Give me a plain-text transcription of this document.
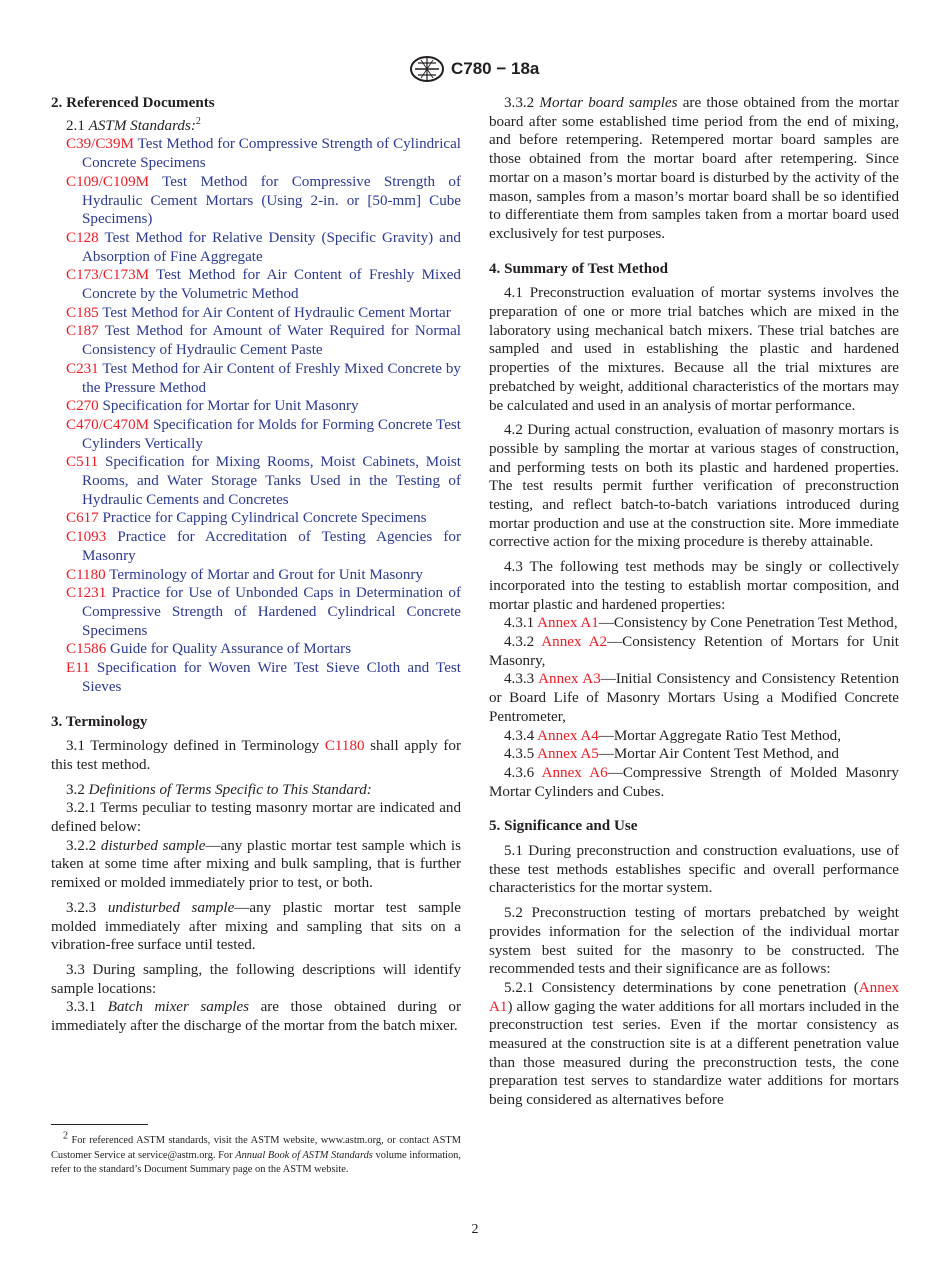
C780 − 18a
2. Referenced Documents

2.1 ASTM Standards:$^2$

C39/C39M Test Method for Compressive Strength of Cylindrical Concrete Specimens

C109/C109M Test Method for Compressive Strength of Hydraulic Cement Mortars (Using 2-in. or [50-mm] Cube Specimens)

C128 Test Method for Relative Density (Specific Gravity) and Absorption of Fine Aggregate

C173/C173M Test Method for Air Content of Freshly Mixed Concrete by the Volumetric Method

C185 Test Method for Air Content of Hydraulic Cement Mortar

C187 Test Method for Amount of Water Required for Normal Consistency of Hydraulic Cement Paste

C231 Test Method for Air Content of Freshly Mixed Concrete by the Pressure Method

C270 Specification for Mortar for Unit Masonry

C470/C470M Specification for Molds for Forming Concrete Test Cylinders Vertically

C511 Specification for Mixing Rooms, Moist Cabinets, Moist Rooms, and Water Storage Tanks Used in the Testing of Hydraulic Cements and Concretes

C617 Practice for Capping Cylindrical Concrete Specimens

C1093 Practice for Accreditation of Testing Agencies for Masonry

C1180 Terminology of Mortar and Grout for Unit Masonry

C1231 Practice for Use of Unbonded Caps in Determination of Compressive Strength of Hardened Cylindrical Concrete Specimens

C1586 Guide for Quality Assurance of Mortars

E11 Specification for Woven Wire Test Sieve Cloth and Test Sieves

3. Terminology

3.1 Terminology defined in Terminology C1180 shall apply for this test method.

3.2 Definitions of Terms Specific to This Standard:

3.2.1 Terms peculiar to testing masonry mortar are indicated and defined below:

3.2.2 disturbed sample—any plastic mortar test sample which is taken at some time after mixing and bulk sampling, that is further remixed or molded immediately prior to test, or both.

3.2.3 undisturbed sample—any plastic mortar test sample molded immediately after mixing and sampling that sits on a vibration-free surface until tested.

3.3 During sampling, the following descriptions will identify sample locations:

3.3.1 Batch mixer samples are those obtained during or immediately after the discharge of the mortar from the batch mixer.

2 For referenced ASTM standards, visit the ASTM website, www.astm.org, or contact ASTM Customer Service at service@astm.org. For Annual Book of ASTM Standards volume information, refer to the standard’s Document Summary page on the ASTM website.

3.3.2 Mortar board samples are those obtained from the mortar board after some established time period from the end of mixing, and before retempering. Retempered mortar board samples are those obtained from the mortar board after retempering. Since mortar on a mason’s mortar board is disturbed by the activity of the mason, samples from a mason’s mortar board shall be so identified to differentiate them from samples taken from a mortar board used exclusively for test purposes.

4. Summary of Test Method

4.1 Preconstruction evaluation of mortar systems involves the preparation of one or more trial batches which are mixed in the laboratory using mechanical batch mixers. These trial batches are sampled and used in establishing the plastic and hardened properties of the mixtures. Because all the trial mixtures are prebatched by weight, additional characteristics of the mortars may be calculated and used in an analysis of mortar performance.

4.2 During actual construction, evaluation of masonry mortars is possible by sampling the mortar at various stages of construction, and performing tests on both its plastic and hardened properties. The test results permit further verification of preconstruction testing, and reflect batch-to-batch variations introduced during mortar production and use at the construction site. More immediate corrective action for the mixing procedure is thereby attainable.

4.3 The following test methods may be singly or collectively incorporated into the testing to establish mortar composition, and mortar plastic and hardened properties:

4.3.1 Annex A1—Consistency by Cone Penetration Test Method,

4.3.2 Annex A2—Consistency Retention of Mortars for Unit Masonry,

4.3.3 Annex A3—Initial Consistency and Consistency Retention or Board Life of Masonry Mortars Using a Modified Concrete Pentrometer,

4.3.4 Annex A4—Mortar Aggregate Ratio Test Method,

4.3.5 Annex A5—Mortar Air Content Test Method, and

4.3.6 Annex A6—Compressive Strength of Molded Masonry Mortar Cylinders and Cubes.

5. Significance and Use

5.1 During preconstruction and construction evaluations, use of these test methods establishes specific and overall performance characteristics for the mortar system.

5.2 Preconstruction testing of mortars prebatched by weight provides information for the selection of the individual mortar system best suited for the masonry to be constructed. The recommended tests and their significance are as follows:

5.2.1 Consistency determinations by cone penetration (Annex A1) allow gaging the water additions for all mortars included in the preconstruction test series. Even if the mortar consistency as measured at the construction site is at a different penetration value than those measured during the preconstruction tests, the cone preparation test serves to standardize water additions for mortars being considered as alternatives before

2
